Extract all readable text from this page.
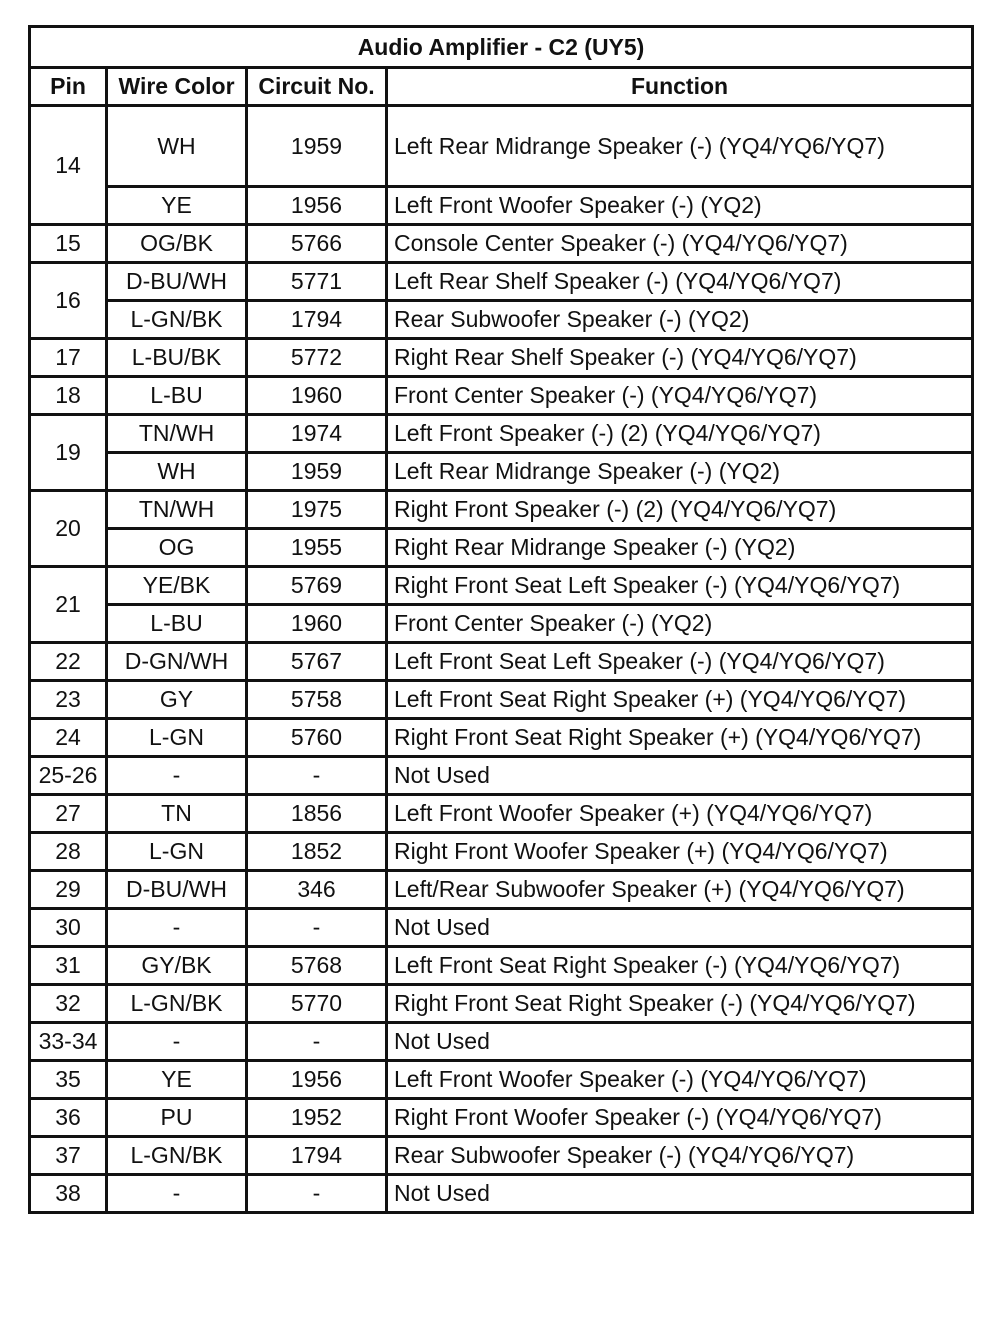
Audio Amplifier - C2 (UY5)			
Pin	Wire Color	Circuit No.	Function
14	WH	1959	Left Rear Midrange Speaker (-) (YQ4/YQ6/YQ7)
	YE	1956	Left Front Woofer Speaker (-) (YQ2)
15	OG/BK	5766	Console Center Speaker (-) (YQ4/YQ6/YQ7)
16	D-BU/WH	5771	Left Rear Shelf Speaker (-) (YQ4/YQ6/YQ7)
	L-GN/BK	1794	Rear Subwoofer Speaker (-) (YQ2)
17	L-BU/BK	5772	Right Rear Shelf Speaker (-) (YQ4/YQ6/YQ7)
18	L-BU	1960	Front Center Speaker (-) (YQ4/YQ6/YQ7)
19	TN/WH	1974	Left Front Speaker (-) (2) (YQ4/YQ6/YQ7)
	WH	1959	Left Rear Midrange Speaker (-) (YQ2)
20	TN/WH	1975	Right Front Speaker (-) (2) (YQ4/YQ6/YQ7)
	OG	1955	Right Rear Midrange Speaker (-) (YQ2)
21	YE/BK	5769	Right Front Seat Left Speaker (-) (YQ4/YQ6/YQ7)
	L-BU	1960	Front Center Speaker (-) (YQ2)
22	D-GN/WH	5767	Left Front Seat Left Speaker (-) (YQ4/YQ6/YQ7)
23	GY	5758	Left Front Seat Right Speaker (+) (YQ4/YQ6/YQ7)
24	L-GN	5760	Right Front Seat Right Speaker (+) (YQ4/YQ6/YQ7)
25-26	-	-	Not Used
27	TN	1856	Left Front Woofer Speaker (+) (YQ4/YQ6/YQ7)
28	L-GN	1852	Right Front Woofer Speaker (+) (YQ4/YQ6/YQ7)
29	D-BU/WH	346	Left/Rear Subwoofer Speaker (+) (YQ4/YQ6/YQ7)
30	-	-	Not Used
31	GY/BK	5768	Left Front Seat Right Speaker (-) (YQ4/YQ6/YQ7)
32	L-GN/BK	5770	Right Front Seat Right Speaker (-) (YQ4/YQ6/YQ7)
33-34	-	-	Not Used
35	YE	1956	Left Front Woofer Speaker (-) (YQ4/YQ6/YQ7)
36	PU	1952	Right Front Woofer Speaker (-) (YQ4/YQ6/YQ7)
37	L-GN/BK	1794	Rear Subwoofer Speaker (-) (YQ4/YQ6/YQ7)
38	-	-	Not Used
